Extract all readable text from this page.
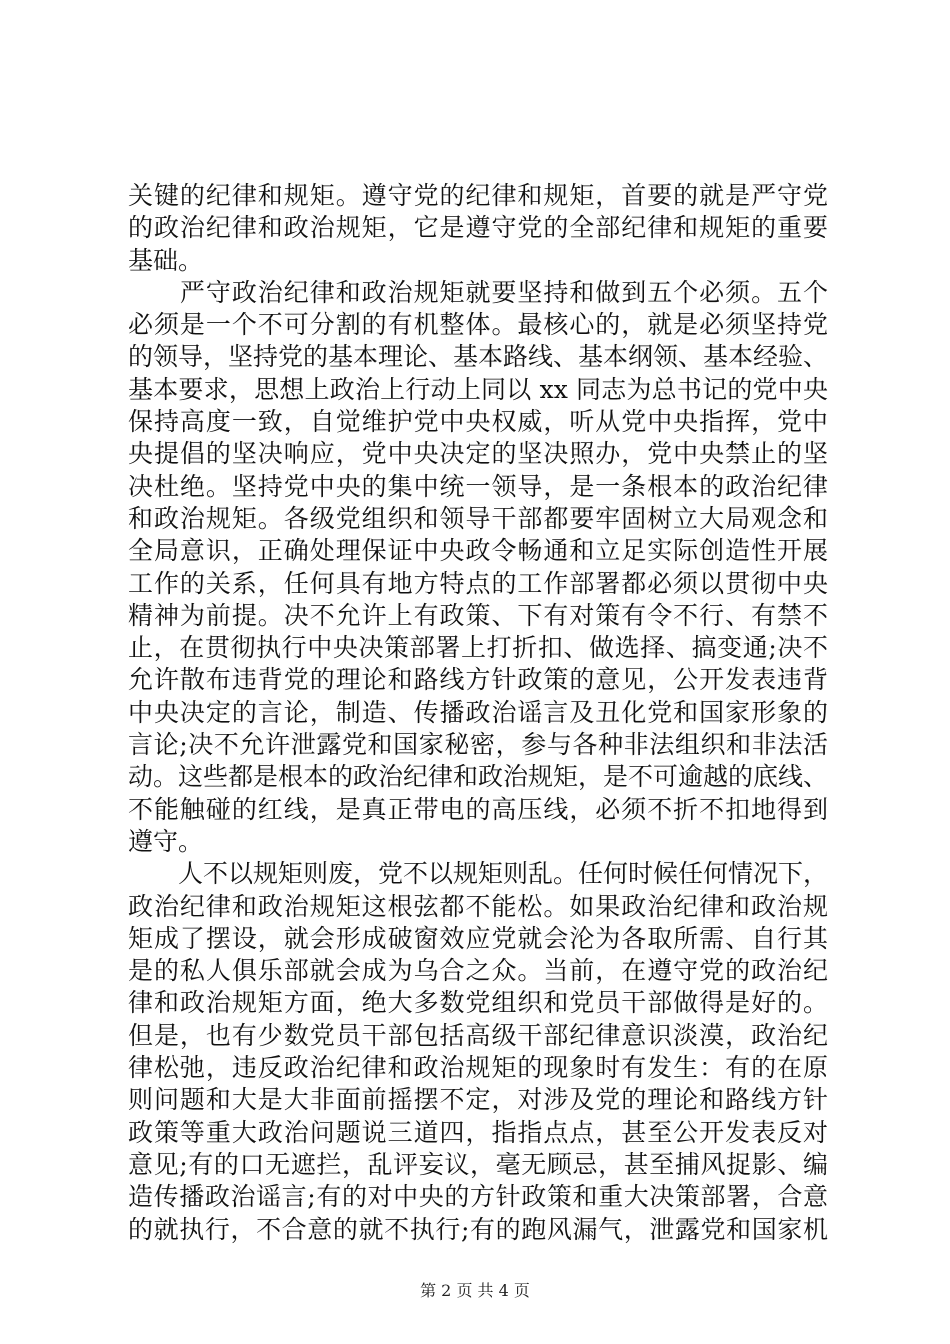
关键的纪律和规矩。遵守党的纪律和规矩，首要的就是严守党
的政治纪律和政治规矩，它是遵守党的全部纪律和规矩的重要
基础。
　　严守政治纪律和政治规矩就要坚持和做到五个必须。五个
必须是一个不可分割的有机整体。最核心的，就是必须坚持党
的领导，坚持党的基本理论、基本路线、基本纲领、基本经验、
基本要求，思想上政治上行动上同以 xx 同志为总书记的党中央
保持高度一致，自觉维护党中央权威，听从党中央指挥，党中
央提倡的坚决响应，党中央决定的坚决照办，党中央禁止的坚
决杜绝。坚持党中央的集中统一领导，是一条根本的政治纪律
和政治规矩。各级党组织和领导干部都要牢固树立大局观念和
全局意识，正确处理保证中央政令畅通和立足实际创造性开展
工作的关系，任何具有地方特点的工作部署都必须以贯彻中央
精神为前提。决不允许上有政策、下有对策有令不行、有禁不
止，在贯彻执行中央决策部署上打折扣、做选择、搞变通;决不
允许散布违背党的理论和路线方针政策的意见，公开发表违背
中央决定的言论，制造、传播政治谣言及丑化党和国家形象的
言论;决不允许泄露党和国家秘密，参与各种非法组织和非法活
动。这些都是根本的政治纪律和政治规矩，是不可逾越的底线、
不能触碰的红线，是真正带电的高压线，必须不折不扣地得到
遵守。
　　人不以规矩则废，党不以规矩则乱。任何时候任何情况下，
政治纪律和政治规矩这根弦都不能松。如果政治纪律和政治规
矩成了摆设，就会形成破窗效应党就会沦为各取所需、自行其
是的私人俱乐部就会成为乌合之众。当前，在遵守党的政治纪
律和政治规矩方面，绝大多数党组织和党员干部做得是好的。
但是，也有少数党员干部包括高级干部纪律意识淡漠，政治纪
律松弛，违反政治纪律和政治规矩的现象时有发生：有的在原
则问题和大是大非面前摇摆不定，对涉及党的理论和路线方针
政策等重大政治问题说三道四，指指点点，甚至公开发表反对
意见;有的口无遮拦，乱评妄议，毫无顾忌，甚至捕风捉影、编
造传播政治谣言;有的对中央的方针政策和重大决策部署，合意
的就执行，不合意的就不执行;有的跑风漏气，泄露党和国家机
第 2 页 共 4 页
